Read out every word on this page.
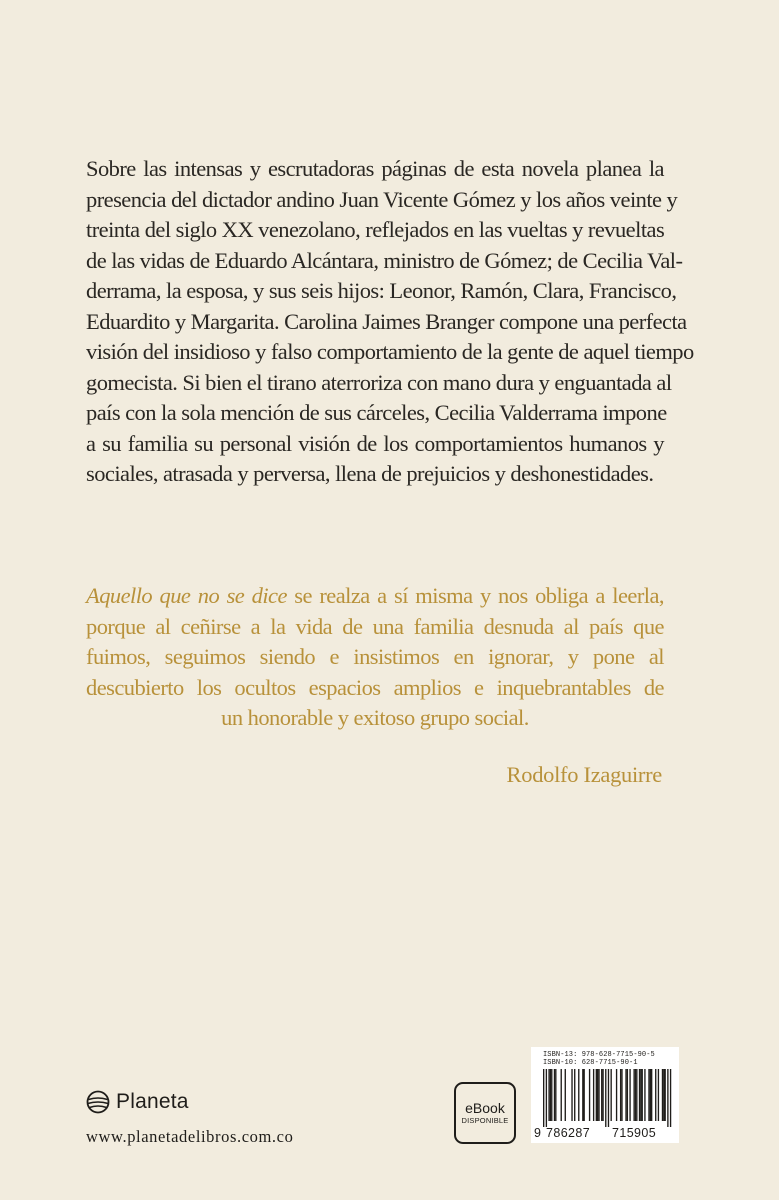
Sobre las intensas y escrutadoras páginas de esta novela planea la
presencia del dictador andino Juan Vicente Gómez y los años veinte y
treinta del siglo XX venezolano, reflejados en las vueltas y revueltas
de las vidas de Eduardo Alcántara, ministro de Gómez; de Cecilia Val-
derrama, la esposa, y sus seis hijos: Leonor, Ramón, Clara, Francisco,
Eduardito y Margarita. Carolina Jaimes Branger compone una perfecta
visión del insidioso y falso comportamiento de la gente de aquel tiempo
gomecista. Si bien el tirano aterroriza con mano dura y enguantada al
país con la sola mención de sus cárceles, Cecilia Valderrama impone
a su familia su personal visión de los comportamientos humanos y
sociales, atrasada y perversa, llena de prejuicios y deshonestidades.
Aquello que no se dice se realza a sí misma y nos obliga a leerla,
porque al ceñirse a la vida de una familia desnuda al país que
fuimos, seguimos siendo e insistimos en ignorar, y pone al
descubierto los ocultos espacios amplios e inquebrantables de
un honorable y exitoso grupo social.
Rodolfo Izaguirre
Planeta
www.planetadelibros.com.co
eBook
DISPONIBLE
ISBN-13: 978-628-7715-90-5
ISBN-10: 628-7715-90-1
9 786287 715905
